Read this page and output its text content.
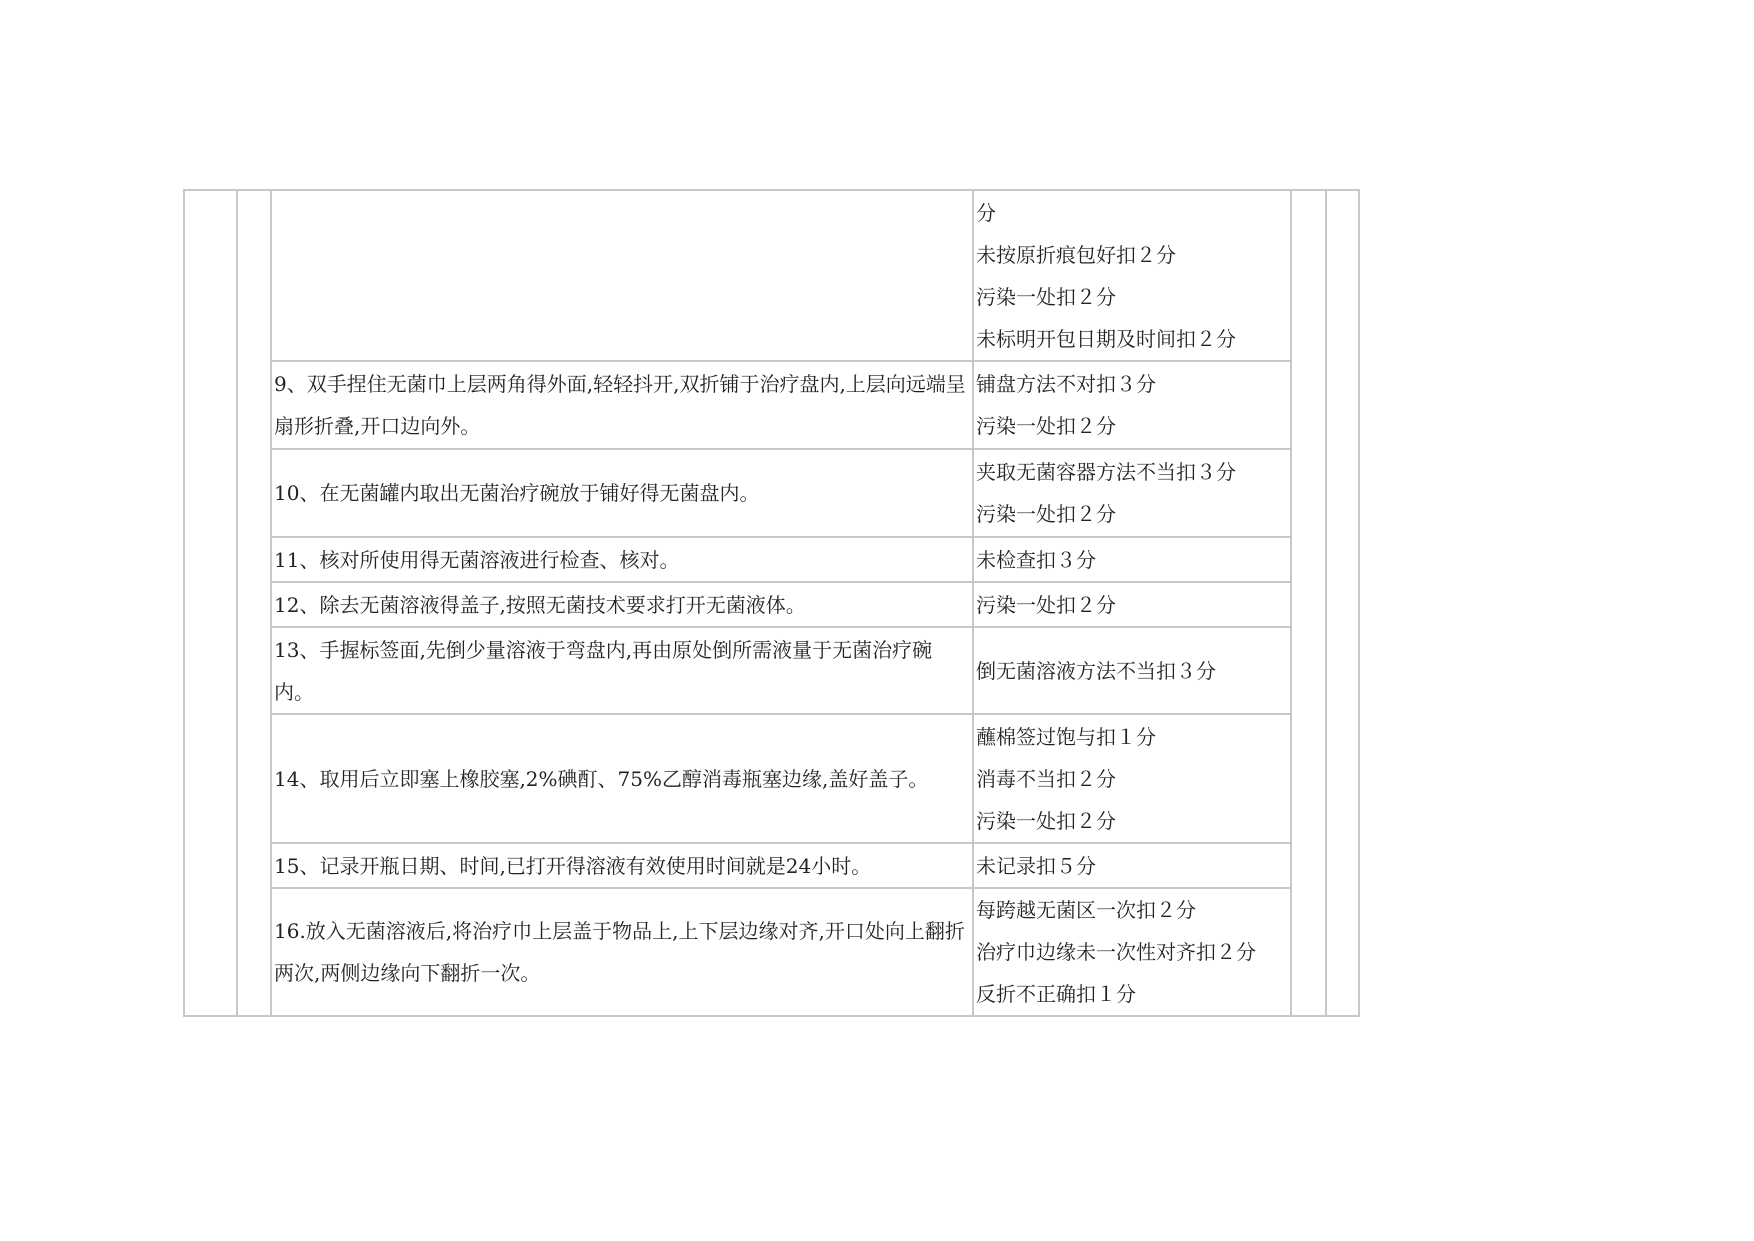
			分
未按原折痕包好扣２分
污染一处扣２分
未标明开包日期及时间扣２分		

		9、双手捏住无菌巾上层两角得外面,轻轻抖开,双折铺于治疗盘内,上层向远端呈扇形折叠,开口边向外。	铺盘方法不对扣３分
污染一处扣２分		

		10、在无菌罐内取出无菌治疗碗放于铺好得无菌盘内。	夹取无菌容器方法不当扣３分
污染一处扣２分		

		11、核对所使用得无菌溶液进行检查、核对。	未检查扣３分		

		12、除去无菌溶液得盖子,按照无菌技术要求打开无菌液体。	污染一处扣２分		

		13、手握标签面,先倒少量溶液于弯盘内,再由原处倒所需液量于无菌治疗碗内。	倒无菌溶液方法不当扣３分		

		14、取用后立即塞上橡胶塞,2%碘酊、75%乙醇消毒瓶塞边缘,盖好盖子。	蘸棉签过饱与扣１分
消毒不当扣２分
污染一处扣２分		

		15、记录开瓶日期、时间,已打开得溶液有效使用时间就是24小时。	未记录扣５分		

		16.放入无菌溶液后,将治疗巾上层盖于物品上,上下层边缘对齐,开口处向上翻折两次,两侧边缘向下翻折一次。	每跨越无菌区一次扣２分
治疗巾边缘未一次性对齐扣２分
反折不正确扣１分		
